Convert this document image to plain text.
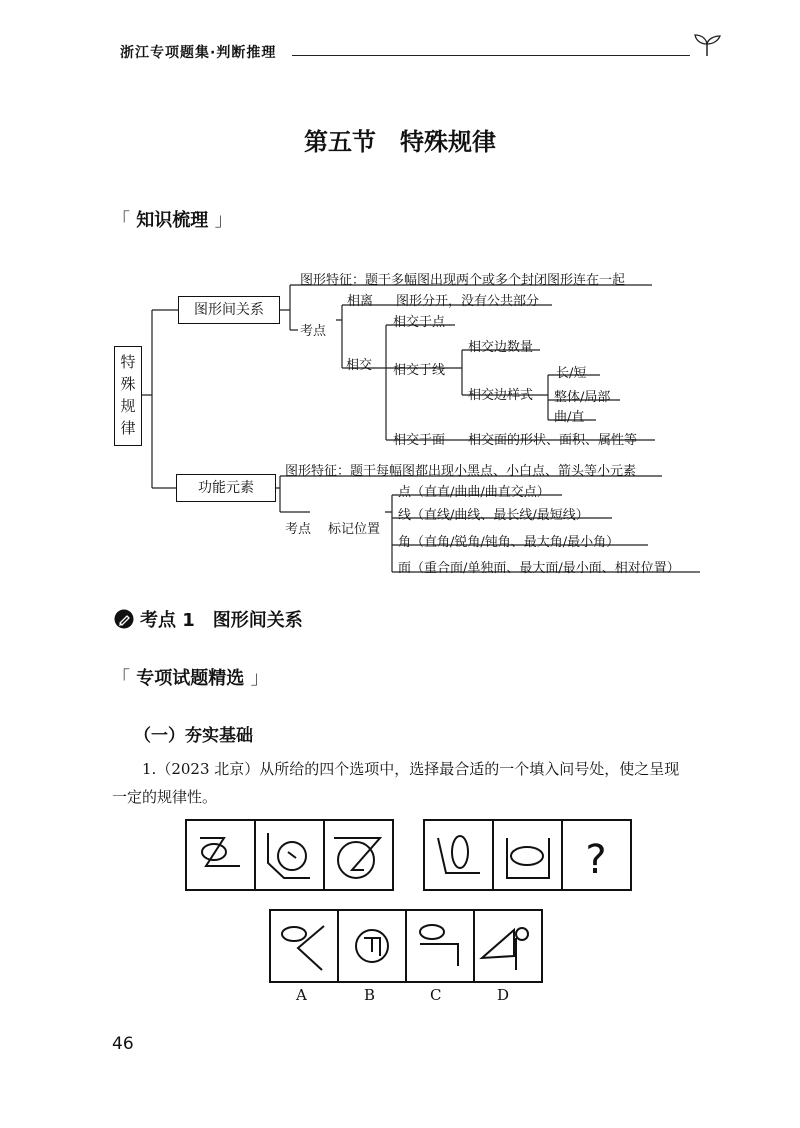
浙江专项题集·判断推理
第五节　特殊规律
「 知识梳理 」
特殊规律
图形间关系
功能元素
图形特征：题干多幅图出现两个或多个封闭图形连在一起
考点
相离 图形分开，没有公共部分
相交
相交于点
相交于线
相交边数量
相交边样式
长/短
整体/局部
曲/直
相交于面 相交面的形状、面积、属性等
图形特征：题干每幅图都出现小黑点、小白点、箭头等小元素
考点 标记位置
点（直直/曲曲/曲直交点）
线（直线/曲线、最长线/最短线）
角（直角/锐角/钝角、最大角/最小角）
面（重合面/单独面、最大面/最小面、相对位置）
考点 1　图形间关系
「 专项试题精选 」
（一）夯实基础
1.（2023 北京）从所给的四个选项中，选择最合适的一个填入问号处，使之呈现
一定的规律性。
?
A	B	C	D
46
